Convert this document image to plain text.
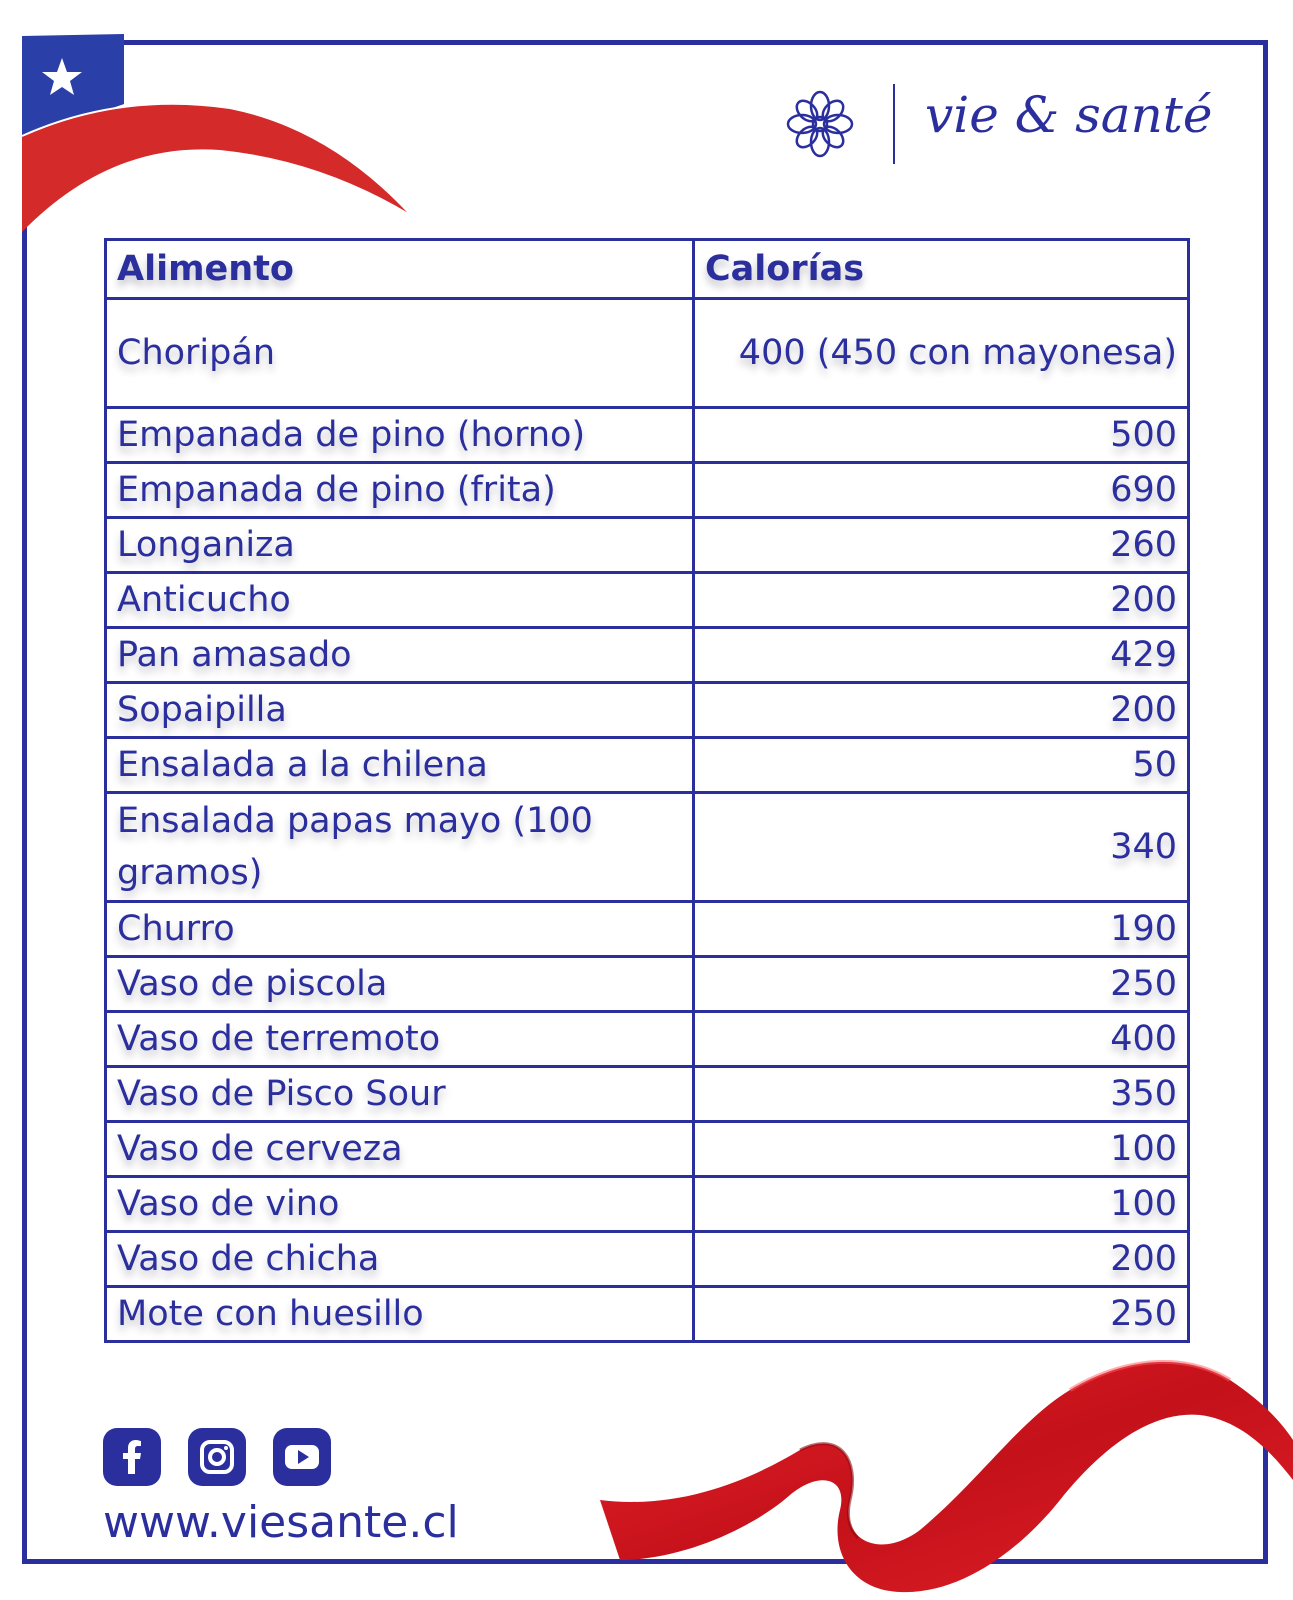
vie & santé
Alimento	Calorías
Choripán	400 (450 con mayonesa)
Empanada de pino (horno)	500
Empanada de pino (frita)	690
Longaniza	260
Anticucho	200
Pan amasado	429
Sopaipilla	200
Ensalada a la chilena	50
Ensalada papas mayo (100 gramos)	340
Churro	190
Vaso de piscola	250
Vaso de terremoto	400
Vaso de Pisco Sour	350
Vaso de cerveza	100
Vaso de vino	100
Vaso de chicha	200
Mote con huesillo	250
www.viesante.cl
